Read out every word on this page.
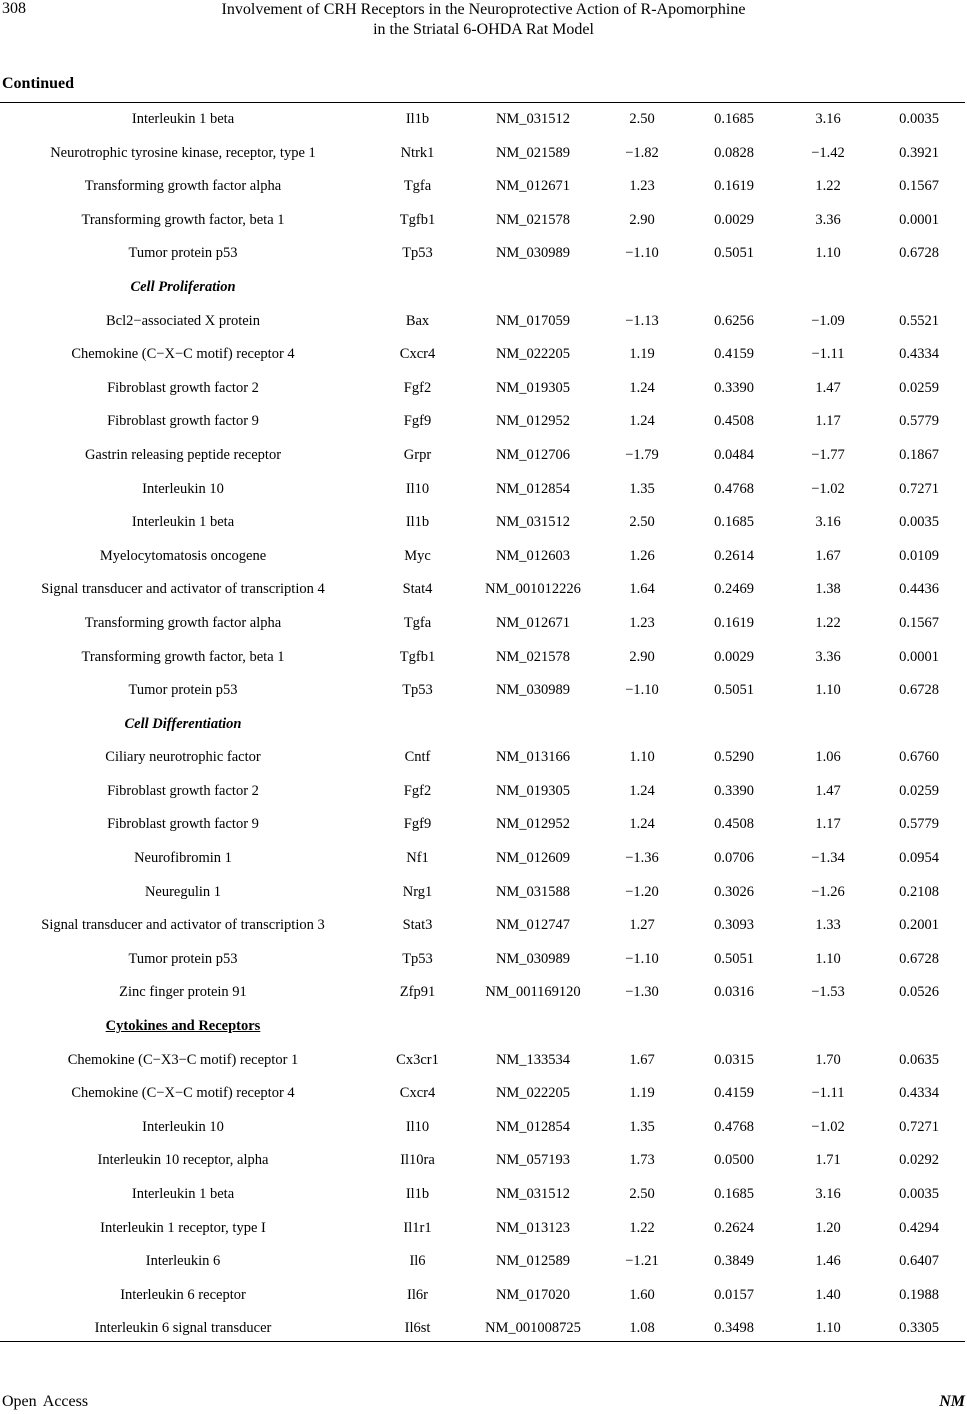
308	Involvement of CRH Receptors in the Neuroprotective Action of R-Apomorphine
in the Striatal 6-OHDA Rat Model
Continued
Interleukin 1 beta	Il1b	NM_031512	2.50	0.1685	3.16	0.0035
Neurotrophic tyrosine kinase, receptor, type 1	Ntrk1	NM_021589	−1.82	0.0828	−1.42	0.3921
Transforming growth factor alpha	Tgfa	NM_012671	1.23	0.1619	1.22	0.1567
Transforming growth factor, beta 1	Tgfb1	NM_021578	2.90	0.0029	3.36	0.0001
Tumor protein p53	Tp53	NM_030989	−1.10	0.5051	1.10	0.6728
Cell Proliferation
Bcl2−associated X protein	Bax	NM_017059	−1.13	0.6256	−1.09	0.5521
Chemokine (C−X−C motif) receptor 4	Cxcr4	NM_022205	1.19	0.4159	−1.11	0.4334
Fibroblast growth factor 2	Fgf2	NM_019305	1.24	0.3390	1.47	0.0259
Fibroblast growth factor 9	Fgf9	NM_012952	1.24	0.4508	1.17	0.5779
Gastrin releasing peptide receptor	Grpr	NM_012706	−1.79	0.0484	−1.77	0.1867
Interleukin 10	Il10	NM_012854	1.35	0.4768	−1.02	0.7271
Interleukin 1 beta	Il1b	NM_031512	2.50	0.1685	3.16	0.0035
Myelocytomatosis oncogene	Myc	NM_012603	1.26	0.2614	1.67	0.0109
Signal transducer and activator of transcription 4	Stat4	NM_001012226	1.64	0.2469	1.38	0.4436
Transforming growth factor alpha	Tgfa	NM_012671	1.23	0.1619	1.22	0.1567
Transforming growth factor, beta 1	Tgfb1	NM_021578	2.90	0.0029	3.36	0.0001
Tumor protein p53	Tp53	NM_030989	−1.10	0.5051	1.10	0.6728
Cell Differentiation
Ciliary neurotrophic factor	Cntf	NM_013166	1.10	0.5290	1.06	0.6760
Fibroblast growth factor 2	Fgf2	NM_019305	1.24	0.3390	1.47	0.0259
Fibroblast growth factor 9	Fgf9	NM_012952	1.24	0.4508	1.17	0.5779
Neurofibromin 1	Nf1	NM_012609	−1.36	0.0706	−1.34	0.0954
Neuregulin 1	Nrg1	NM_031588	−1.20	0.3026	−1.26	0.2108
Signal transducer and activator of transcription 3	Stat3	NM_012747	1.27	0.3093	1.33	0.2001
Tumor protein p53	Tp53	NM_030989	−1.10	0.5051	1.10	0.6728
Zinc finger protein 91	Zfp91	NM_001169120	−1.30	0.0316	−1.53	0.0526
Cytokines and Receptors
Chemokine (C−X3−C motif) receptor 1	Cx3cr1	NM_133534	1.67	0.0315	1.70	0.0635
Chemokine (C−X−C motif) receptor 4	Cxcr4	NM_022205	1.19	0.4159	−1.11	0.4334
Interleukin 10	Il10	NM_012854	1.35	0.4768	−1.02	0.7271
Interleukin 10 receptor, alpha	Il10ra	NM_057193	1.73	0.0500	1.71	0.0292
Interleukin 1 beta	Il1b	NM_031512	2.50	0.1685	3.16	0.0035
Interleukin 1 receptor, type I	Il1r1	NM_013123	1.22	0.2624	1.20	0.4294
Interleukin 6	Il6	NM_012589	−1.21	0.3849	1.46	0.6407
Interleukin 6 receptor	Il6r	NM_017020	1.60	0.0157	1.40	0.1988
Interleukin 6 signal transducer	Il6st	NM_001008725	1.08	0.3498	1.10	0.3305
Open Access	NM
